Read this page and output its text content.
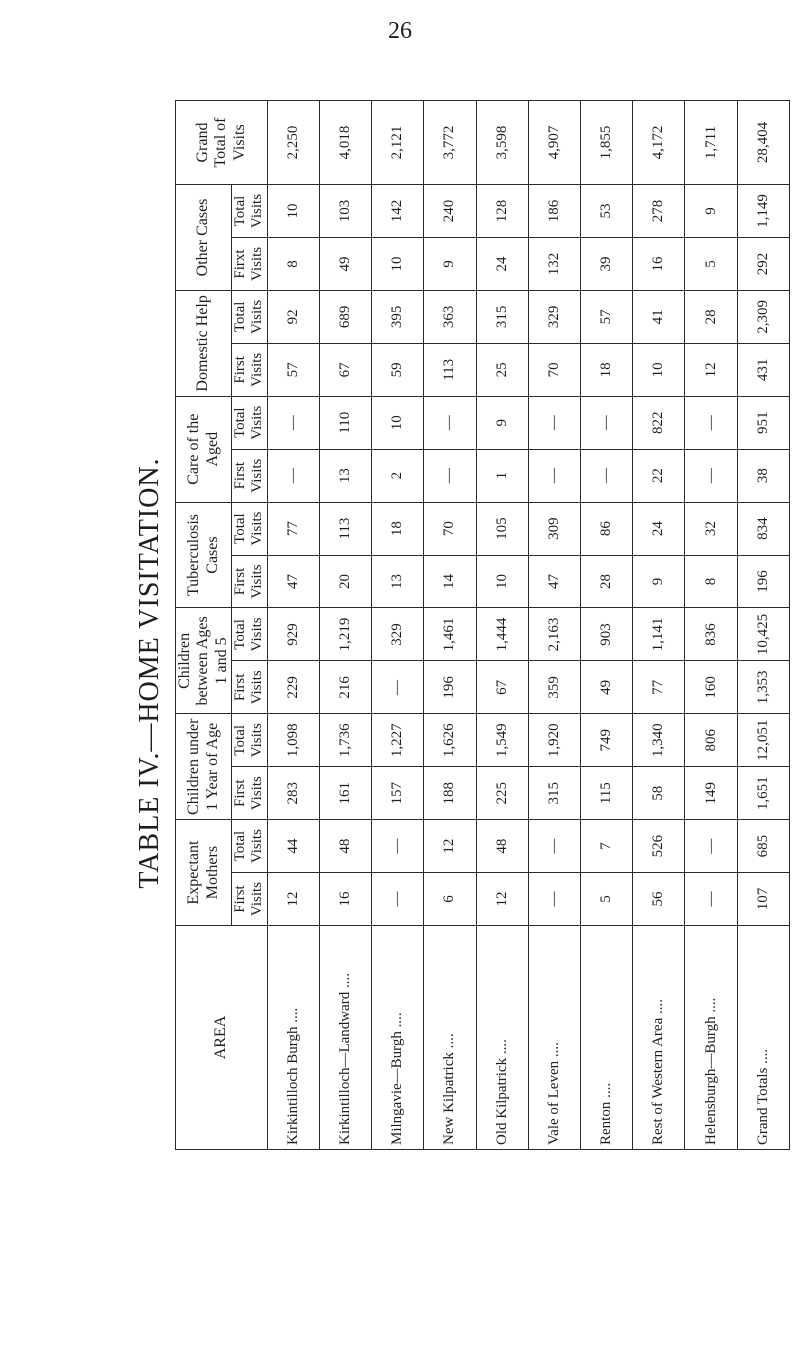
26
TABLE IV.—HOME VISITATION.
AREA	Expectant Mothers		Children under 1 Year of Age		Children between Ages 1 and 5		Tuberculosis Cases		Care of the Aged		Domestic Help		Other Cases		Grand Total of Visits
	First Visits	Total Visits	First Visits	Total Visits	First Visits	Total Visits	First Visits	Total Visits	First Visits	Total Visits	First Visits	Total Visits	Firxt Visits	Total Visits	
Kirkintilloch Burgh ....	12	44	283	1,098	229	929	47	77	—	—	57	92	8	10	2,250
Kirkintilloch—Landward ....	16	48	161	1,736	216	1,219	20	113	13	110	67	689	49	103	4,018
Milngavie—Burgh ....	—	—	157	1,227	—	329	13	18	2	10	59	395	10	142	2,121
New Kilpatrick ....	6	12	188	1,626	196	1,461	14	70	—	—	113	363	9	240	3,772
Old Kilpatrick ....	12	48	225	1,549	67	1,444	10	105	1	9	25	315	24	128	3,598
Vale of Leven ....	—	—	315	1,920	359	2,163	47	309	—	—	70	329	132	186	4,907
Renton ....	5	7	115	749	49	903	28	86	—	—	18	57	39	53	1,855
Rest of Western Area ....	56	526	58	1,340	77	1,141	9	24	22	822	10	41	16	278	4,172
Helensburgh—Burgh ....	—	—	149	806	160	836	8	32	—	—	12	28	5	9	1,711
Grand Totals ....	107	685	1,651	12,051	1,353	10,425	196	834	38	951	431	2,309	292	1,149	28,404
